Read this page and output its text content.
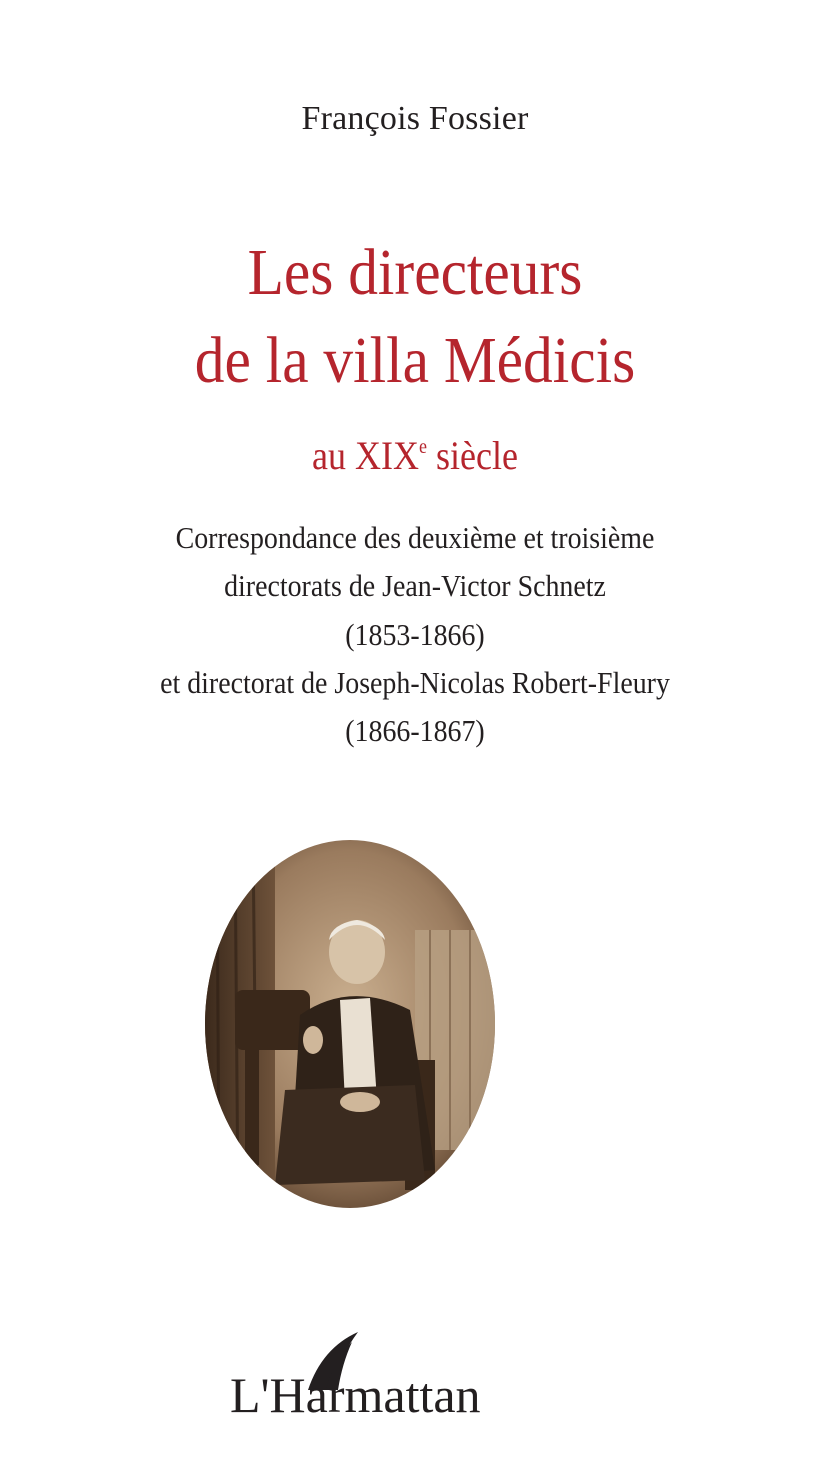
François Fossier
Les directeurs
de la villa Médicis
au XIXe siècle
Correspondance des deuxième et troisième
directorats de Jean-Victor Schnetz
(1853-1866)
et directorat de Joseph-Nicolas Robert-Fleury
(1866-1867)
L'Harmattan
